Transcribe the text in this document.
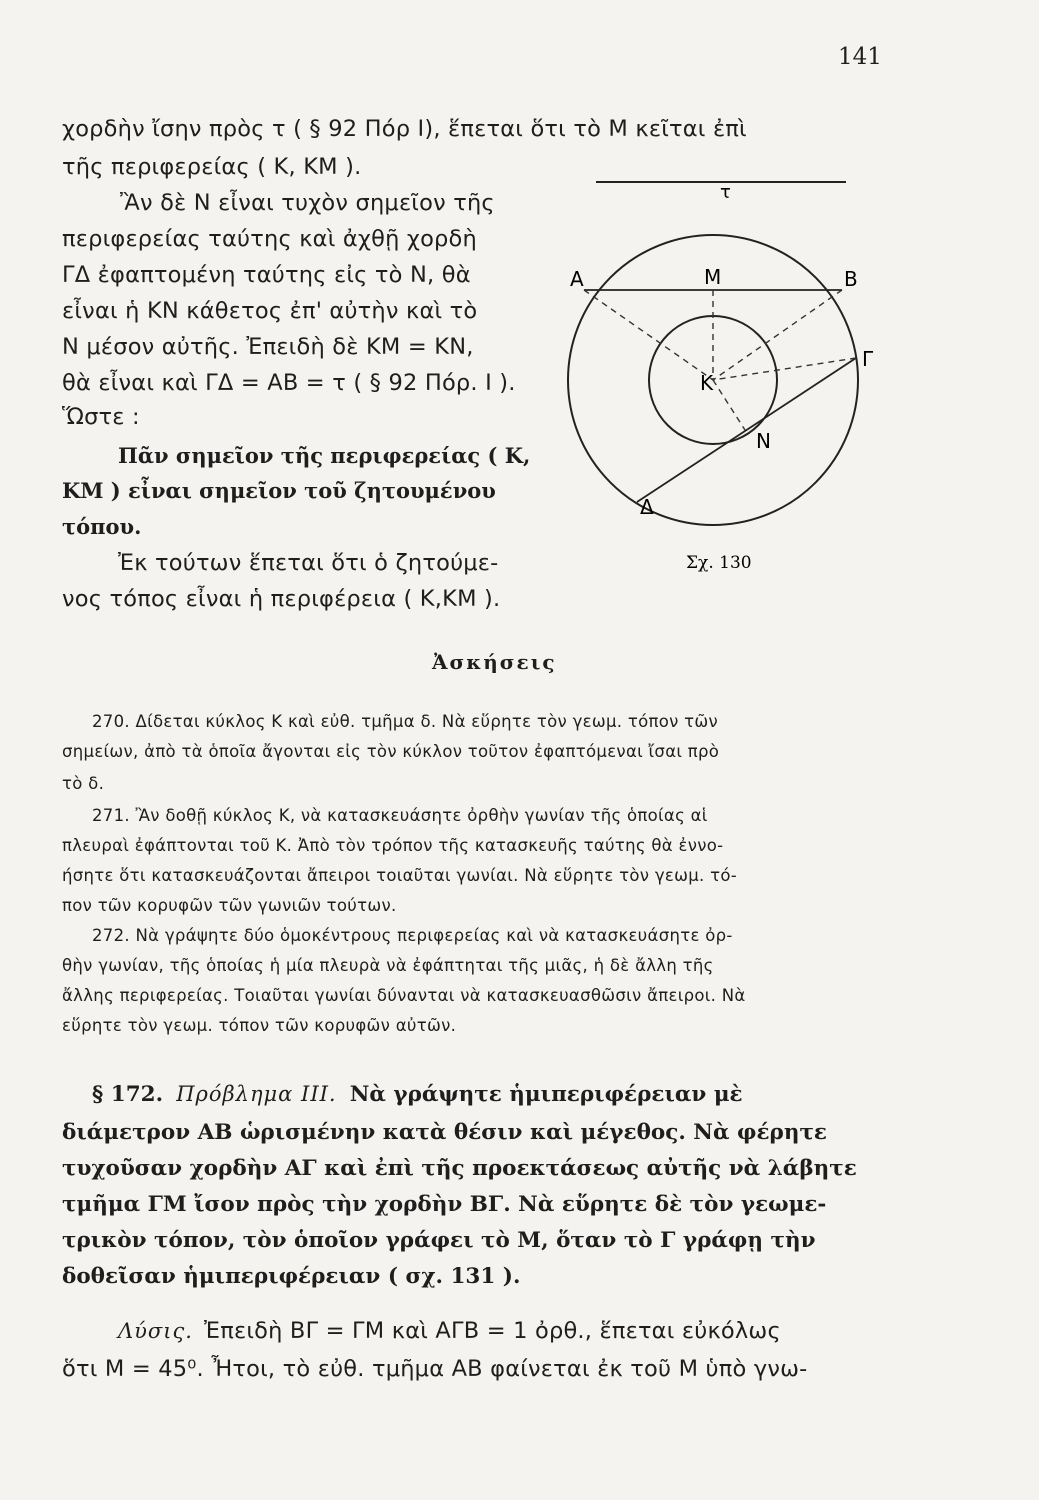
141
χορδὴν ἴσην πρὸς τ ( § 92 Πόρ Ι), ἕπεται ὅτι τὸ Μ κεῖται ἐπὶ
τῆς περιφερείας ( Κ, ΚΜ ).
Ἂν δὲ Ν εἶναι τυχὸν σημεῖον τῆς
περιφερείας ταύτης καὶ ἀχθῇ χορδὴ
ΓΔ ἐφαπτομένη ταύτης εἰς τὸ Ν, θὰ
εἶναι ἡ ΚΝ κάθετος ἐπ' αὐτὴν καὶ τὸ
Ν μέσον αὐτῆς. Ἐπειδὴ δὲ ΚΜ = ΚΝ,
θὰ εἶναι καὶ ΓΔ = ΑΒ = τ ( § 92 Πόρ. Ι ).
Ὥστε :
Πᾶν σημεῖον τῆς περιφερείας ( Κ,
ΚΜ ) εἶναι σημεῖον τοῦ ζητουμένου
τόπου.
Ἐκ τούτων ἕπεται ὅτι ὁ ζητούμε-
νος τόπος εἶναι ἡ περιφέρεια ( Κ,ΚΜ ).
τ
Α	Μ	Β
Κ
Γ
Ν
Δ
Σχ. 130
Ἀσκήσεις
270. Δίδεται κύκλος Κ καὶ εὐθ. τμῆμα δ. Νὰ εὕρητε τὸν γεωμ. τόπον τῶν
σημείων, ἀπὸ τὰ ὁποῖα ἄγονται εἰς τὸν κύκλον τοῦτον ἐφαπτόμεναι ἴσαι πρὸ
τὸ δ.
271. Ἂν δοθῇ κύκλος Κ, νὰ κατασκευάσητε ὀρθὴν γωνίαν τῆς ὁποίας αἱ
πλευραὶ ἐφάπτονται τοῦ Κ. Ἀπὸ τὸν τρόπον τῆς κατασκευῆς ταύτης θὰ ἐννο-
ήσητε ὅτι κατασκευάζονται ἄπειροι τοιαῦται γωνίαι. Νὰ εὕρητε τὸν γεωμ. τό-
πον τῶν κορυφῶν τῶν γωνιῶν τούτων.
272. Νὰ γράψητε δύο ὁμοκέντρους περιφερείας καὶ νὰ κατασκευάσητε ὀρ-
θὴν γωνίαν, τῆς ὁποίας ἡ μία πλευρὰ νὰ ἐφάπτηται τῆς μιᾶς, ἡ δὲ ἄλλη τῆς
ἄλλης περιφερείας. Τοιαῦται γωνίαι δύνανται νὰ κατασκευασθῶσιν ἄπειροι. Νὰ
εὕρητε τὸν γεωμ. τόπον τῶν κορυφῶν αὐτῶν.
§ 172. Πρόβλημα ΙΙΙ. Νὰ γράψητε ἡμιπεριφέρειαν μὲ
διάμετρον ΑΒ ὡρισμένην κατὰ θέσιν καὶ μέγεθος. Νὰ φέρητε
τυχοῦσαν χορδὴν ΑΓ καὶ ἐπὶ τῆς προεκτάσεως αὐτῆς νὰ λάβητε
τμῆμα ΓΜ ἴσον πρὸς τὴν χορδὴν ΒΓ. Νὰ εὕρητε δὲ τὸν γεωμε-
τρικὸν τόπον, τὸν ὁποῖον γράφει τὸ Μ, ὅταν τὸ Γ γράφῃ τὴν
δοθεῖσαν ἡμιπεριφέρειαν ( σχ. 131 ).
Λύσις. Ἐπειδὴ ΒΓ = ΓΜ καὶ ΑΓΒ = 1 ὀρθ., ἕπεται εὐκόλως
ὅτι Μ = 45⁰. Ἦτοι, τὸ εὐθ. τμῆμα ΑΒ φαίνεται ἐκ τοῦ Μ ὑπὸ γνω-
